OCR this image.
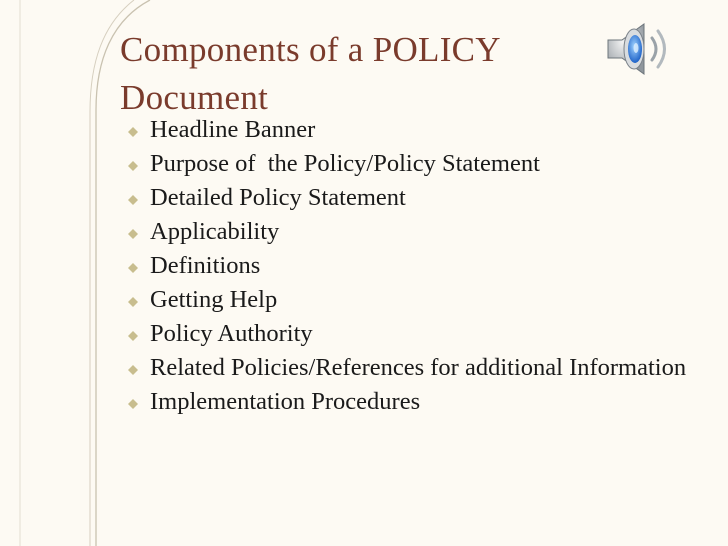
Components of a POLICY Document
Headline Banner
Purpose of  the Policy/Policy Statement
Detailed Policy Statement
Applicability
Definitions
Getting Help
Policy Authority
Related Policies/References for additional Information
Implementation Procedures
